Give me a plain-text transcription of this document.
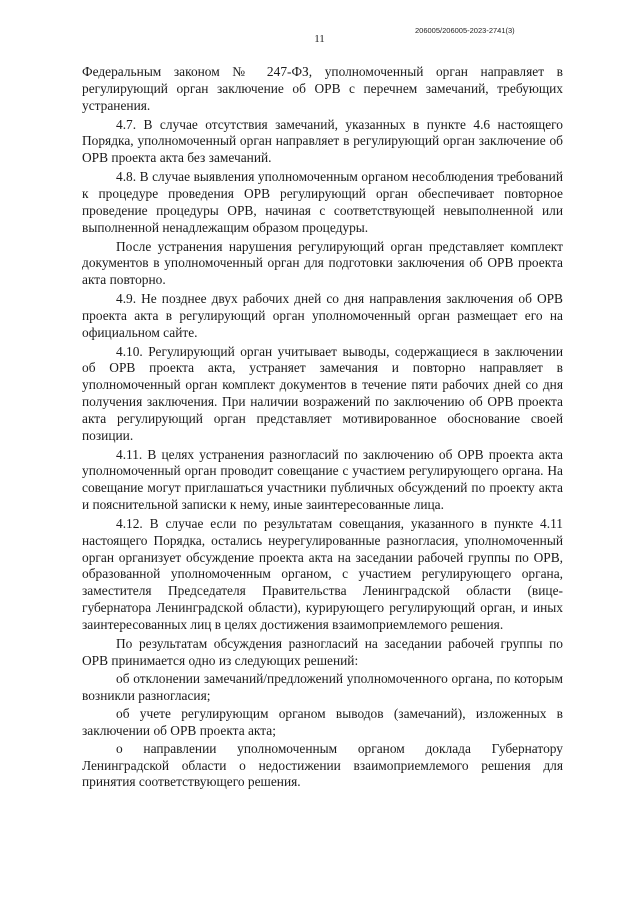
206005/206005-2023-2741(3)
11

Федеральным законом № 247-ФЗ, уполномоченный орган направляет в регулирующий орган заключение об ОРВ с перечнем замечаний, требующих устранения.

4.7. В случае отсутствия замечаний, указанных в пункте 4.6 настоящего Порядка, уполномоченный орган направляет в регулирующий орган заключение об ОРВ проекта акта без замечаний.

4.8. В случае выявления уполномоченным органом несоблюдения требований к процедуре проведения ОРВ регулирующий орган обеспечивает повторное проведение процедуры ОРВ, начиная с соответствующей невыполненной или выполненной ненадлежащим образом процедуры.

После устранения нарушения регулирующий орган представляет комплект документов в уполномоченный орган для подготовки заключения об ОРВ проекта акта повторно.

4.9. Не позднее двух рабочих дней со дня направления заключения об ОРВ проекта акта в регулирующий орган уполномоченный орган размещает его на официальном сайте.

4.10. Регулирующий орган учитывает выводы, содержащиеся в заключении об ОРВ проекта акта, устраняет замечания и повторно направляет в уполномоченный орган комплект документов в течение пяти рабочих дней со дня получения заключения. При наличии возражений по заключению об ОРВ проекта акта регулирующий орган представляет мотивированное обоснование своей позиции.

4.11. В целях устранения разногласий по заключению об ОРВ проекта акта уполномоченный орган проводит совещание с участием регулирующего органа. На совещание могут приглашаться участники публичных обсуждений по проекту акта и пояснительной записки к нему, иные заинтересованные лица.

4.12. В случае если по результатам совещания, указанного в пункте 4.11 настоящего Порядка, остались неурегулированные разногласия, уполномоченный орган организует обсуждение проекта акта на заседании рабочей группы по ОРВ, образованной уполномоченным органом, с участием регулирующего органа, заместителя Председателя Правительства Ленинградской области (вице-губернатора Ленинградской области), курирующего регулирующий орган, и иных заинтересованных лиц в целях достижения взаимоприемлемого решения.

По результатам обсуждения разногласий на заседании рабочей группы по ОРВ принимается одно из следующих решений:

об отклонении замечаний/предложений уполномоченного органа, по которым возникли разногласия;

об учете регулирующим органом выводов (замечаний), изложенных в заключении об ОРВ проекта акта;

о направлении уполномоченным органом доклада Губернатору Ленинградской области о недостижении взаимоприемлемого решения для принятия соответствующего решения.
